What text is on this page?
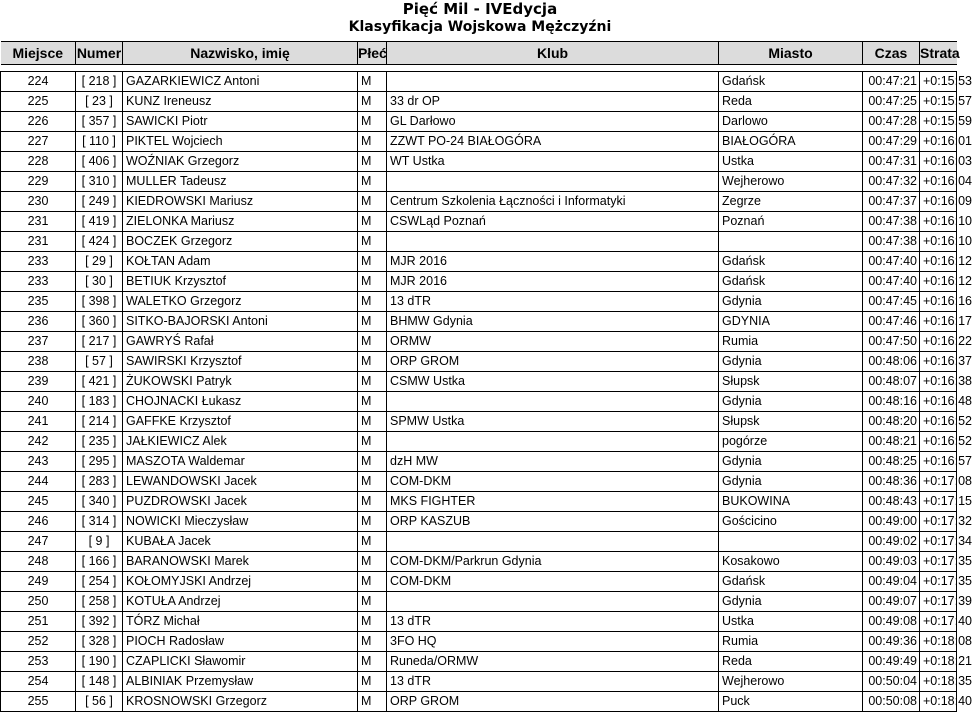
Pięć Mil - IVEdycja
Klasyfikacja Wojskowa Mężczyźni
Miejsce	Numer	Nazwisko, imię	Płeć	Klub	Miasto	Czas	Strata

224	[ 218 ]	GAZARKIEWICZ Antoni	M		Gdańsk	00:47:21	+0:15:53
225	[ 23 ]	KUNZ Ireneusz	M	33 dr OP	Reda	00:47:25	+0:15:57
226	[ 357 ]	SAWICKI Piotr	M	GL Darłowo	Darlowo	00:47:28	+0:15:59
227	[ 110 ]	PIKTEL Wojciech	M	ZZWT PO-24 BIAŁOGÓRA	BIAŁOGÓRA	00:47:29	+0:16:01
228	[ 406 ]	WOŹNIAK Grzegorz	M	WT Ustka	Ustka	00:47:31	+0:16:03
229	[ 310 ]	MULLER Tadeusz	M		Wejherowo	00:47:32	+0:16:04
230	[ 249 ]	KIEDROWSKI Mariusz	M	Centrum Szkolenia Łączności i Informatyki	Zegrze	00:47:37	+0:16:09
231	[ 419 ]	ZIELONKA Mariusz	M	CSWLąd Poznań	Poznań	00:47:38	+0:16:10
231	[ 424 ]	BOCZEK Grzegorz	M			00:47:38	+0:16:10
233	[ 29 ]	KOŁTAN Adam	M	MJR 2016	Gdańsk	00:47:40	+0:16:12
233	[ 30 ]	BETIUK Krzysztof	M	MJR 2016	Gdańsk	00:47:40	+0:16:12
235	[ 398 ]	WALETKO Grzegorz	M	13 dTR	Gdynia	00:47:45	+0:16:16
236	[ 360 ]	SITKO-BAJORSKI Antoni	M	BHMW Gdynia	GDYNIA	00:47:46	+0:16:17
237	[ 217 ]	GAWRYŚ Rafał	M	ORMW	Rumia	00:47:50	+0:16:22
238	[ 57 ]	SAWIRSKI Krzysztof	M	ORP GROM	Gdynia	00:48:06	+0:16:37
239	[ 421 ]	ŻUKOWSKI Patryk	M	CSMW Ustka	Słupsk	00:48:07	+0:16:38
240	[ 183 ]	CHOJNACKI Łukasz	M		Gdynia	00:48:16	+0:16:48
241	[ 214 ]	GAFFKE Krzysztof	M	SPMW Ustka	Słupsk	00:48:20	+0:16:52
242	[ 235 ]	JAŁKIEWICZ Alek	M		pogórze	00:48:21	+0:16:52
243	[ 295 ]	MASZOTA Waldemar	M	dzH MW	Gdynia	00:48:25	+0:16:57
244	[ 283 ]	LEWANDOWSKI Jacek	M	COM-DKM	Gdynia	00:48:36	+0:17:08
245	[ 340 ]	PUZDROWSKI Jacek	M	MKS FIGHTER	BUKOWINA	00:48:43	+0:17:15
246	[ 314 ]	NOWICKI Mieczysław	M	ORP KASZUB	Gościcino	00:49:00	+0:17:32
247	[ 9 ]	KUBAŁA Jacek	M			00:49:02	+0:17:34
248	[ 166 ]	BARANOWSKI Marek	M	COM-DKM/Parkrun Gdynia	Kosakowo	00:49:03	+0:17:35
249	[ 254 ]	KOŁOMYJSKI Andrzej	M	COM-DKM	Gdańsk	00:49:04	+0:17:35
250	[ 258 ]	KOTUŁA Andrzej	M		Gdynia	00:49:07	+0:17:39
251	[ 392 ]	TÓRZ Michał	M	13 dTR	Ustka	00:49:08	+0:17:40
252	[ 328 ]	PIOCH Radosław	M	3FO HQ	Rumia	00:49:36	+0:18:08
253	[ 190 ]	CZAPLICKI Sławomir	M	Runeda/ORMW	Reda	00:49:49	+0:18:21
254	[ 148 ]	ALBINIAK Przemysław	M	13 dTR	Wejherowo	00:50:04	+0:18:35
255	[ 56 ]	KROSNOWSKI Grzegorz	M	ORP GROM	Puck	00:50:08	+0:18:40
